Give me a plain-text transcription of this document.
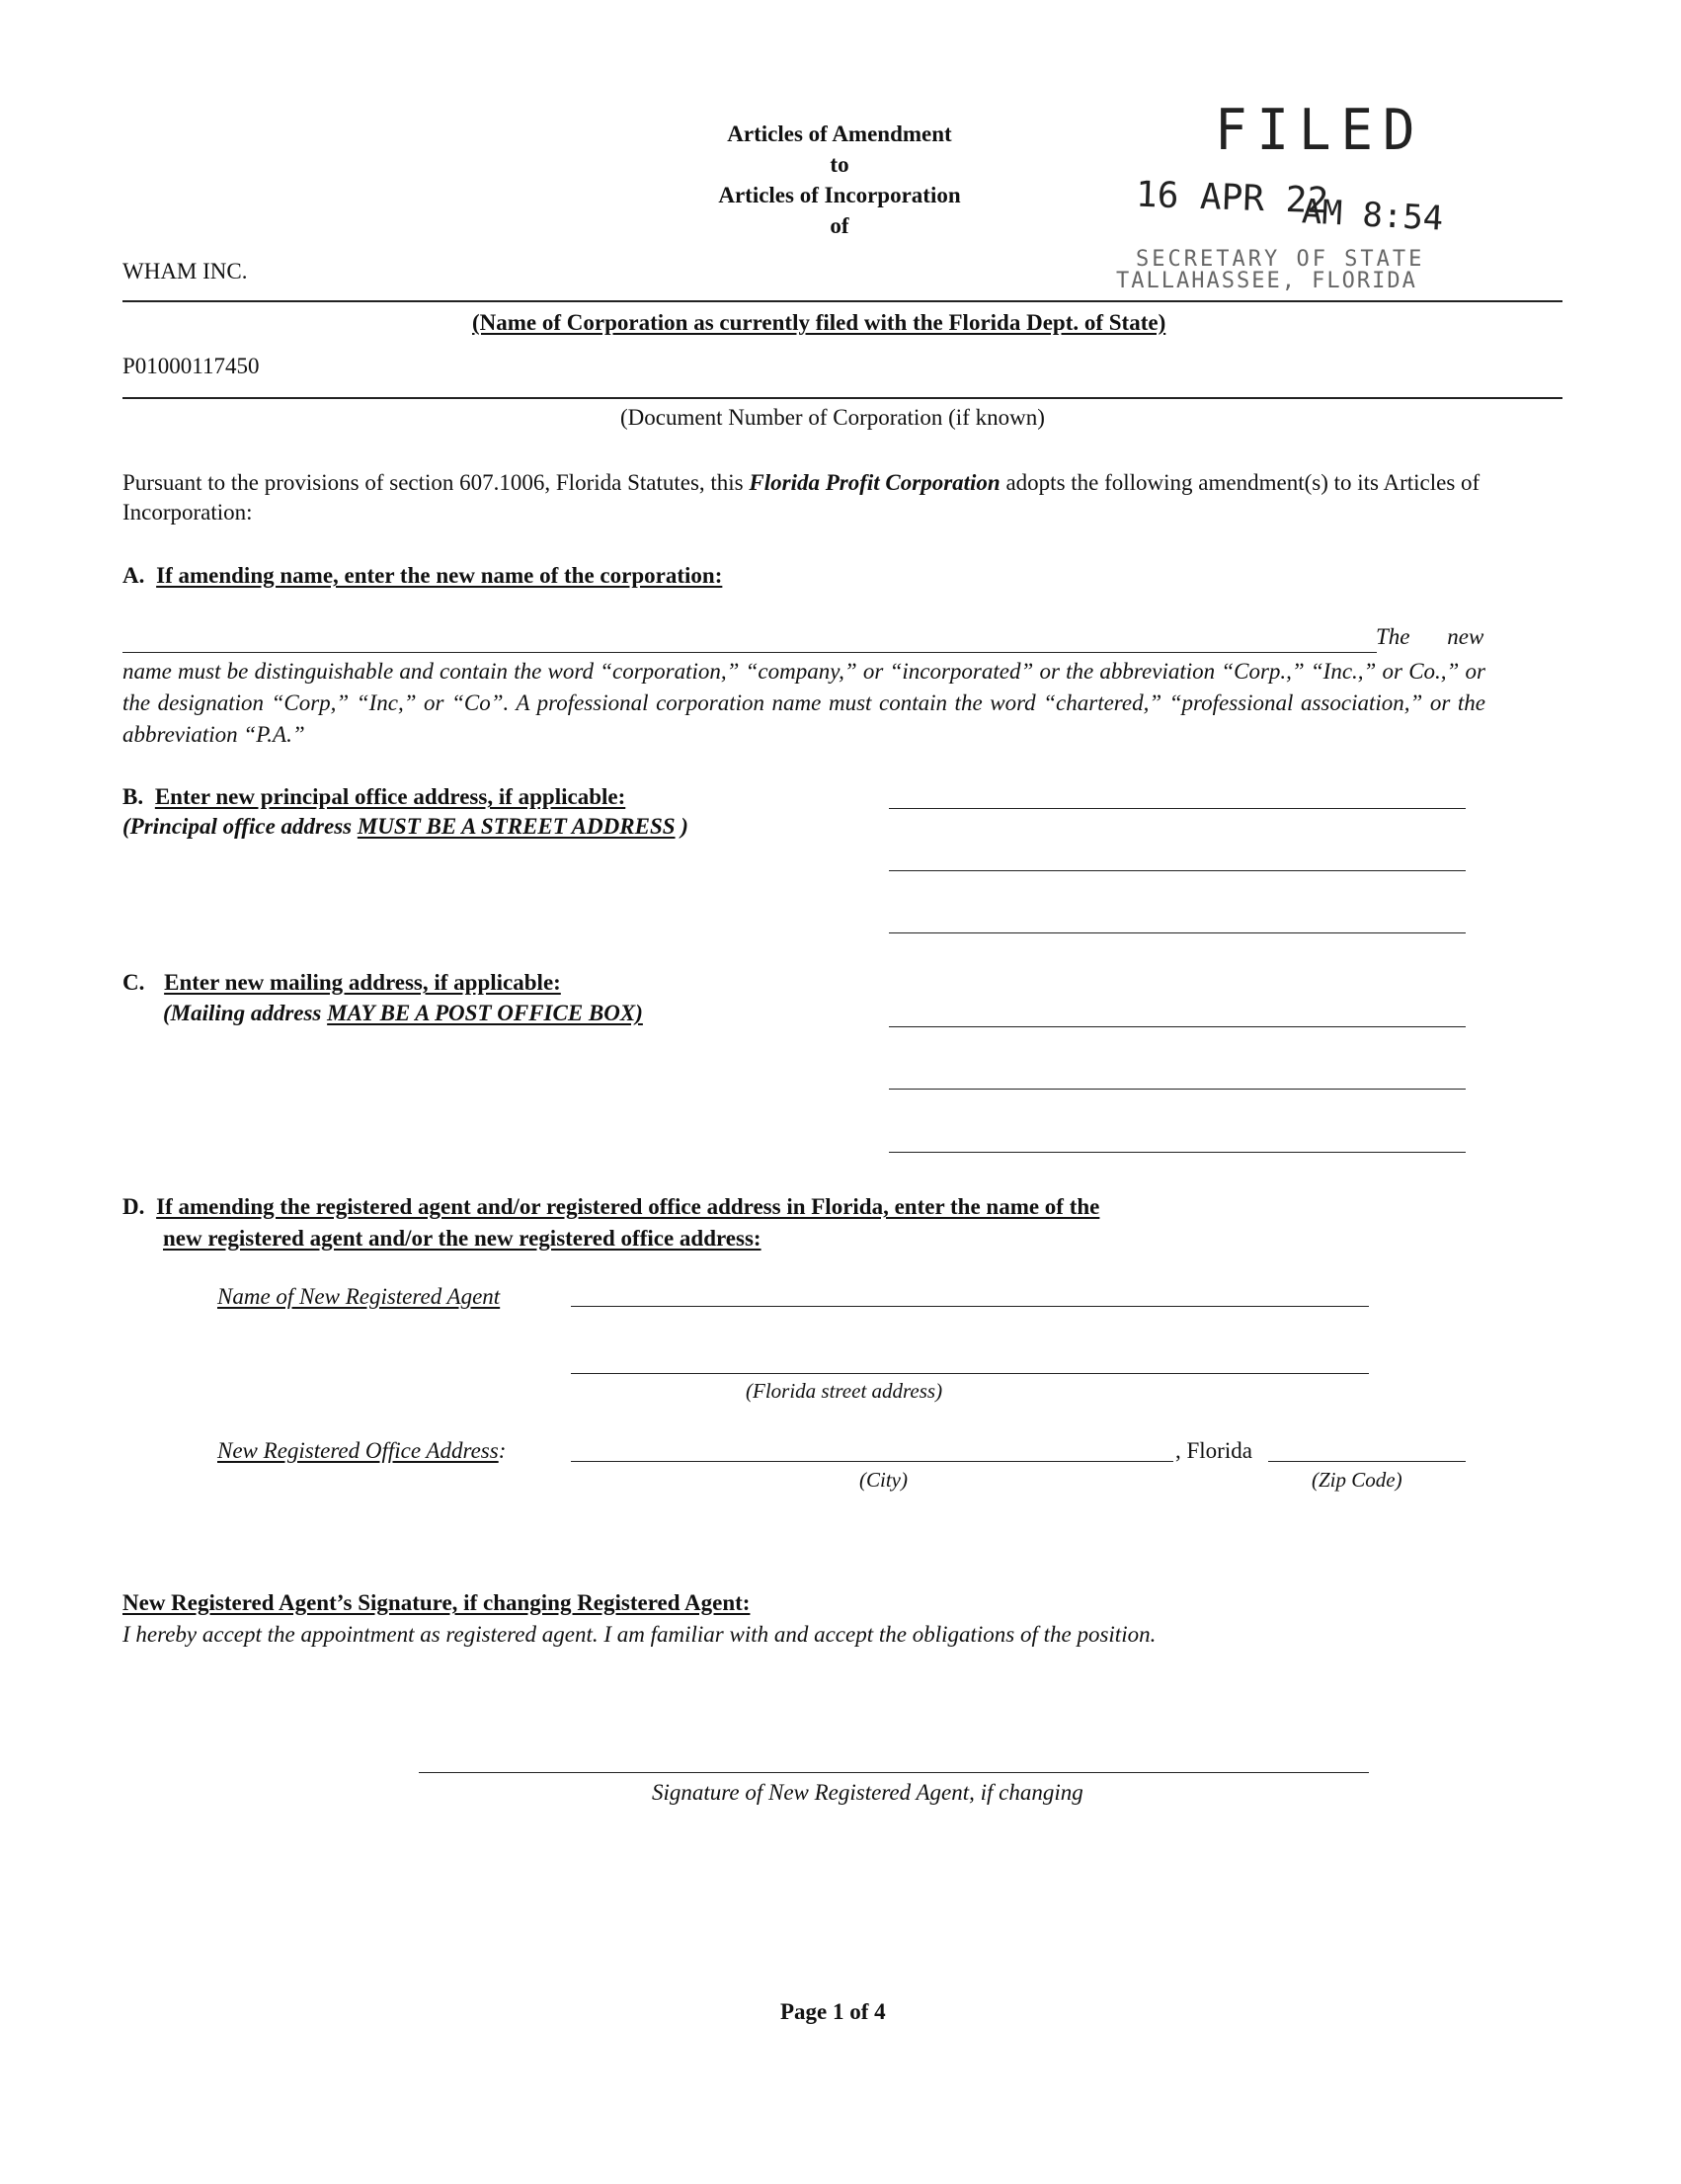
Articles of Amendment
to
Articles of Incorporation
of
FILED
16 APR 22
AM 8:54
SECRETARY OF STATE
TALLAHASSEE, FLORIDA
WHAM INC.
(Name of Corporation as currently filed with the Florida Dept. of State)
P01000117450
(Document Number of Corporation (if known)
Pursuant to the provisions of section 607.1006, Florida Statutes, this Florida Profit Corporation adopts the following amendment(s) to its Articles of Incorporation:
A. If amending name, enter the new name of the corporation:
The new
name must be distinguishable and contain the word “corporation,” “company,” or “incorporated” or the abbreviation “Corp.,” “Inc.,” or Co.,” or the designation “Corp,” “Inc,” or “Co”. A professional corporation name must contain the word “chartered,” “professional association,” or the abbreviation “P.A.”
B. Enter new principal office address, if applicable:
(Principal office address MUST BE A STREET ADDRESS )
C. Enter new mailing address, if applicable:
(Mailing address MAY BE A POST OFFICE BOX)
D. If amending the registered agent and/or registered office address in Florida, enter the name of the
new registered agent and/or the new registered office address:
Name of New Registered Agent
(Florida street address)
New Registered Office Address:	, Florida
(City)	(Zip Code)
New Registered Agent’s Signature, if changing Registered Agent:
I hereby accept the appointment as registered agent. I am familiar with and accept the obligations of the position.
Signature of New Registered Agent, if changing
Page 1 of 4
